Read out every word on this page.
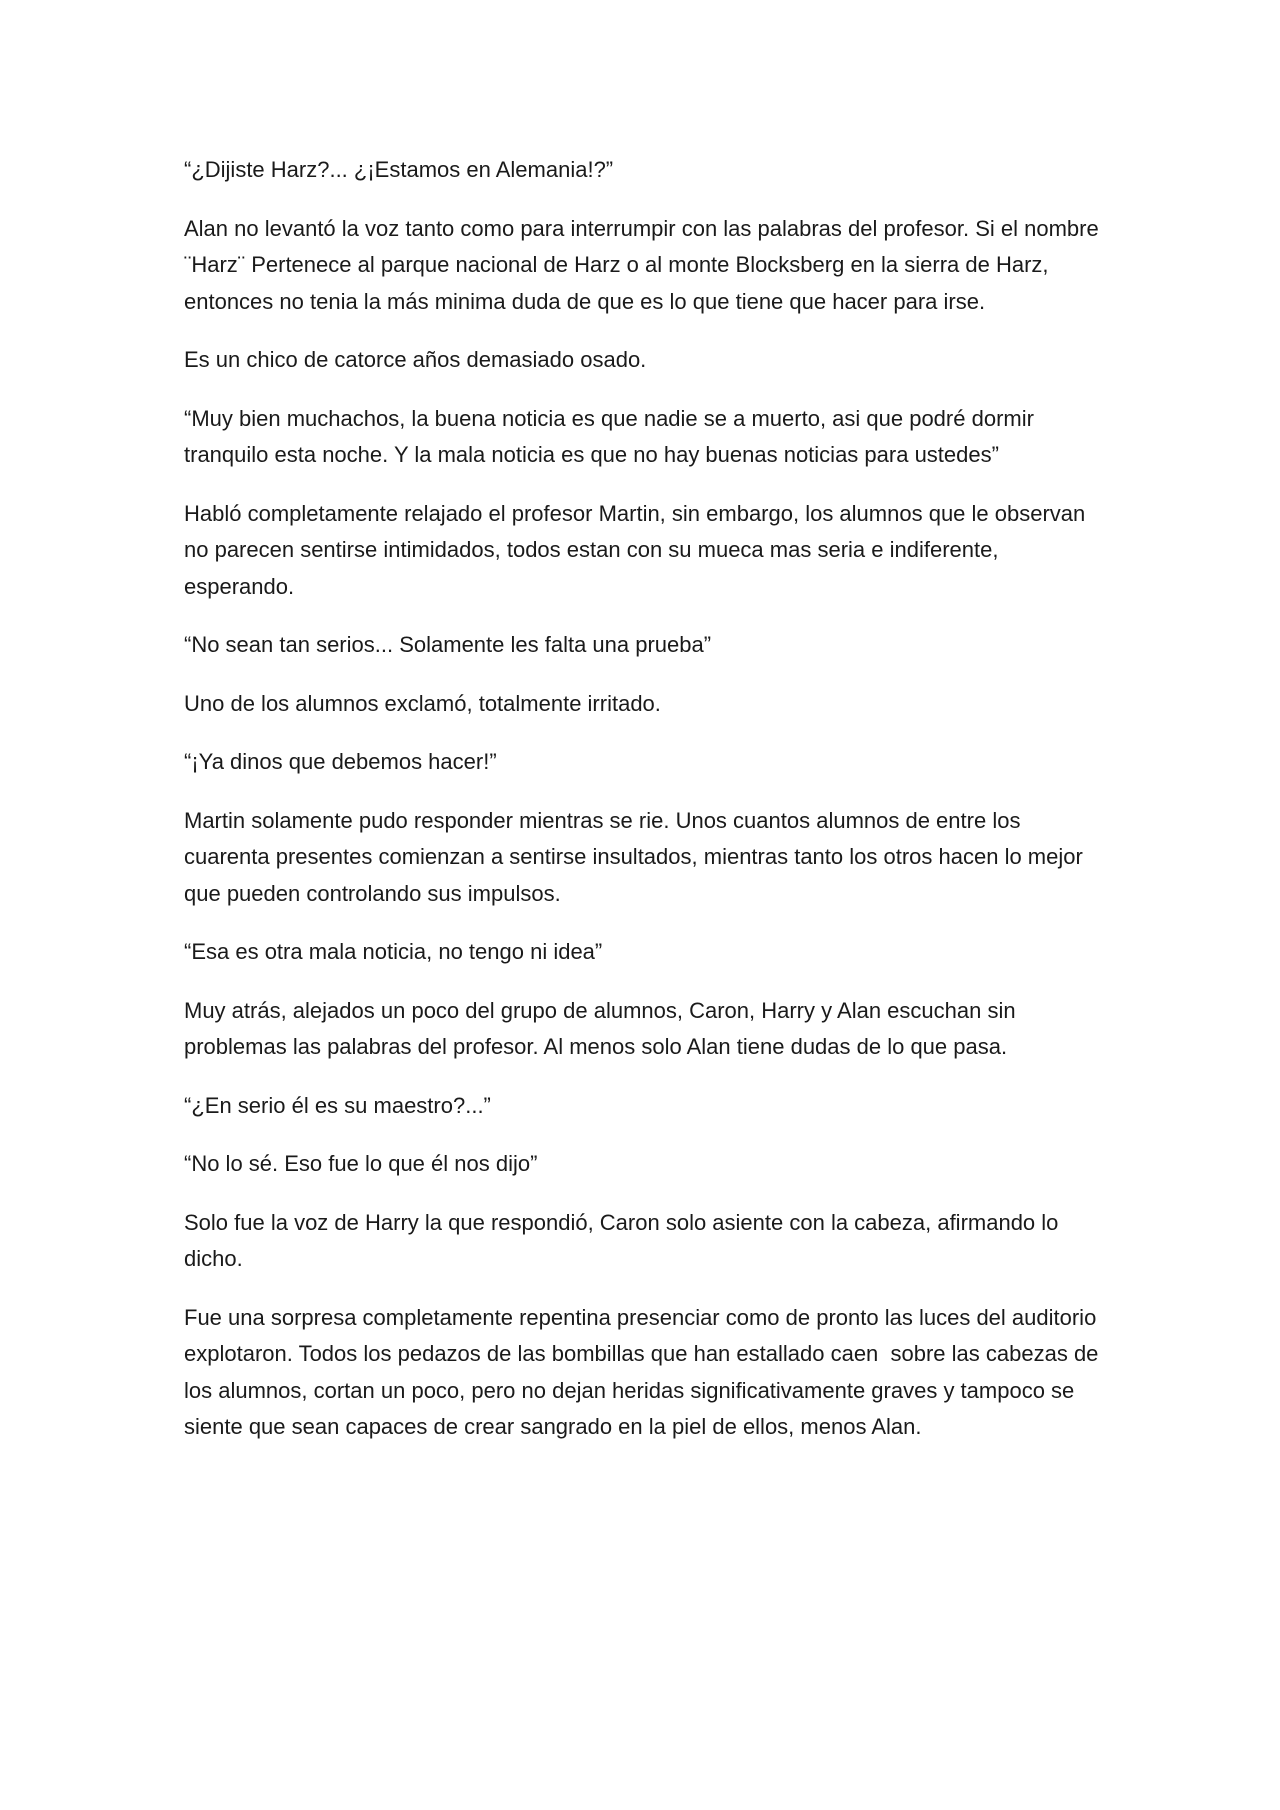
“¿Dijiste Harz?... ¿¡Estamos en Alemania!?”

Alan no levantó la voz tanto como para interrumpir con las palabras del profesor. Si el nombre ¨Harz¨ Pertenece al parque nacional de Harz o al monte Blocksberg en la sierra de Harz, entonces no tenia la más minima duda de que es lo que tiene que hacer para irse.

Es un chico de catorce años demasiado osado.

“Muy bien muchachos, la buena noticia es que nadie se a muerto, asi que podré dormir tranquilo esta noche. Y la mala noticia es que no hay buenas noticias para ustedes”

Habló completamente relajado el profesor Martin, sin embargo, los alumnos que le observan no parecen sentirse intimidados, todos estan con su mueca mas seria e indiferente, esperando.

“No sean tan serios... Solamente les falta una prueba”

Uno de los alumnos exclamó, totalmente irritado.

“¡Ya dinos que debemos hacer!”

Martin solamente pudo responder mientras se rie. Unos cuantos alumnos de entre los cuarenta presentes comienzan a sentirse insultados, mientras tanto los otros hacen lo mejor que pueden controlando sus impulsos.

“Esa es otra mala noticia, no tengo ni idea”

Muy atrás, alejados un poco del grupo de alumnos, Caron, Harry y Alan escuchan sin problemas las palabras del profesor. Al menos solo Alan tiene dudas de lo que pasa.

“¿En serio él es su maestro?...”

“No lo sé. Eso fue lo que él nos dijo”

Solo fue la voz de Harry la que respondió, Caron solo asiente con la cabeza, afirmando lo dicho.

Fue una sorpresa completamente repentina presenciar como de pronto las luces del auditorio explotaron. Todos los pedazos de las bombillas que han estallado caen  sobre las cabezas de los alumnos, cortan un poco, pero no dejan heridas significativamente graves y tampoco se siente que sean capaces de crear sangrado en la piel de ellos, menos Alan.
